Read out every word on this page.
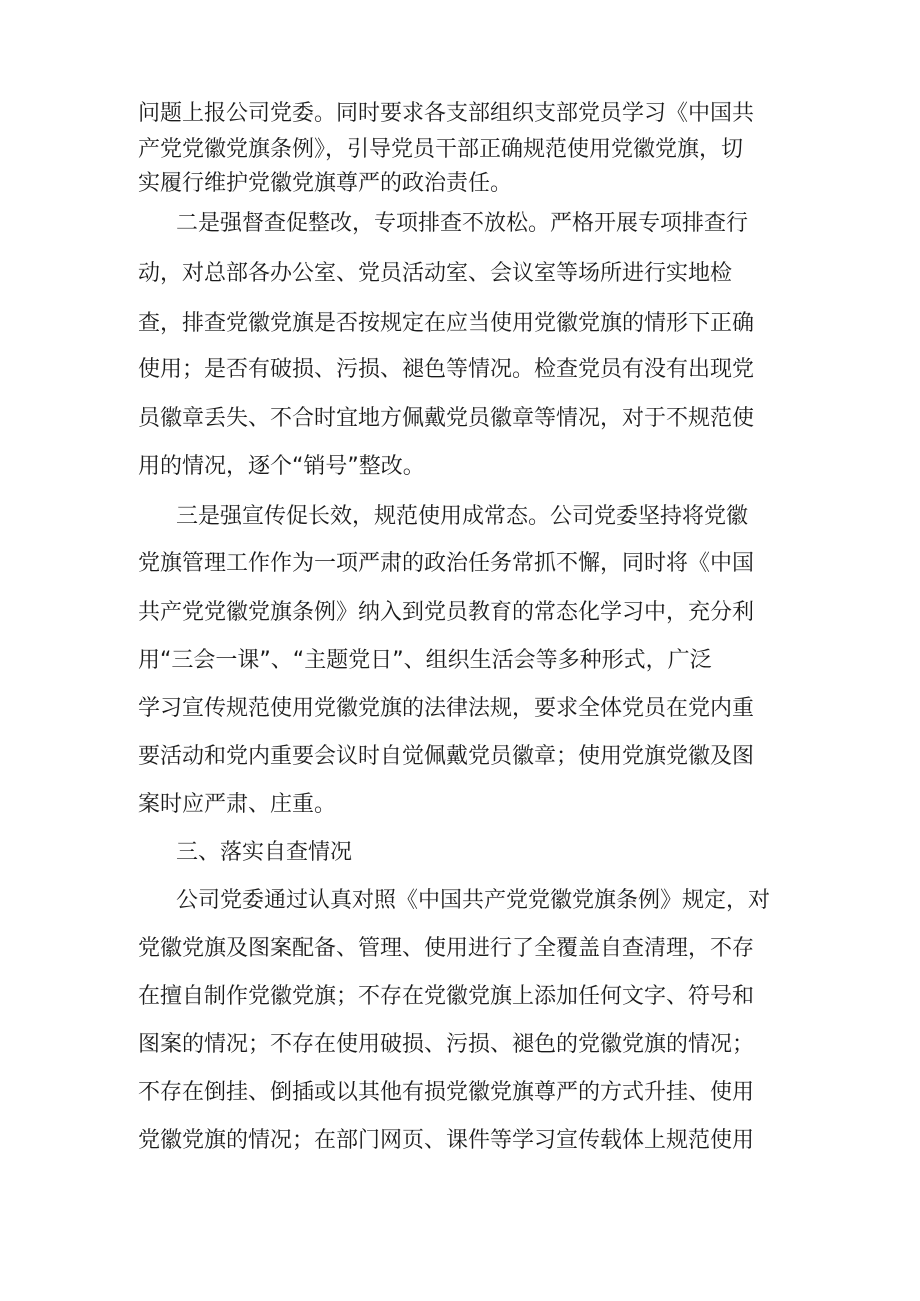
问题上报公司党委。同时要求各支部组织支部党员学习《中国共
产党党徽党旗条例》，引导党员干部正确规范使用党徽党旗，切
实履行维护党徽党旗尊严的政治责任。
二是强督查促整改，专项排查不放松。严格开展专项排查行
动，对总部各办公室、党员活动室、会议室等场所进行实地检
查，排查党徽党旗是否按规定在应当使用党徽党旗的情形下正确
使用；是否有破损、污损、褪色等情况。检查党员有没有出现党
员徽章丢失、不合时宜地方佩戴党员徽章等情况，对于不规范使
用的情况，逐个“销号”整改。
三是强宣传促长效，规范使用成常态。公司党委坚持将党徽
党旗管理工作作为一项严肃的政治任务常抓不懈，同时将《中国
共产党党徽党旗条例》纳入到党员教育的常态化学习中，充分利
用“三会一课”、“主题党日”、组织生活会等多种形式，广泛
学习宣传规范使用党徽党旗的法律法规，要求全体党员在党内重
要活动和党内重要会议时自觉佩戴党员徽章；使用党旗党徽及图
案时应严肃、庄重。
三、落实自查情况
公司党委通过认真对照《中国共产党党徽党旗条例》规定，对
党徽党旗及图案配备、管理、使用进行了全覆盖自查清理，不存
在擅自制作党徽党旗；不存在党徽党旗上添加任何文字、符号和
图案的情况；不存在使用破损、污损、褪色的党徽党旗的情况；
不存在倒挂、倒插或以其他有损党徽党旗尊严的方式升挂、使用
党徽党旗的情况；在部门网页、课件等学习宣传载体上规范使用
